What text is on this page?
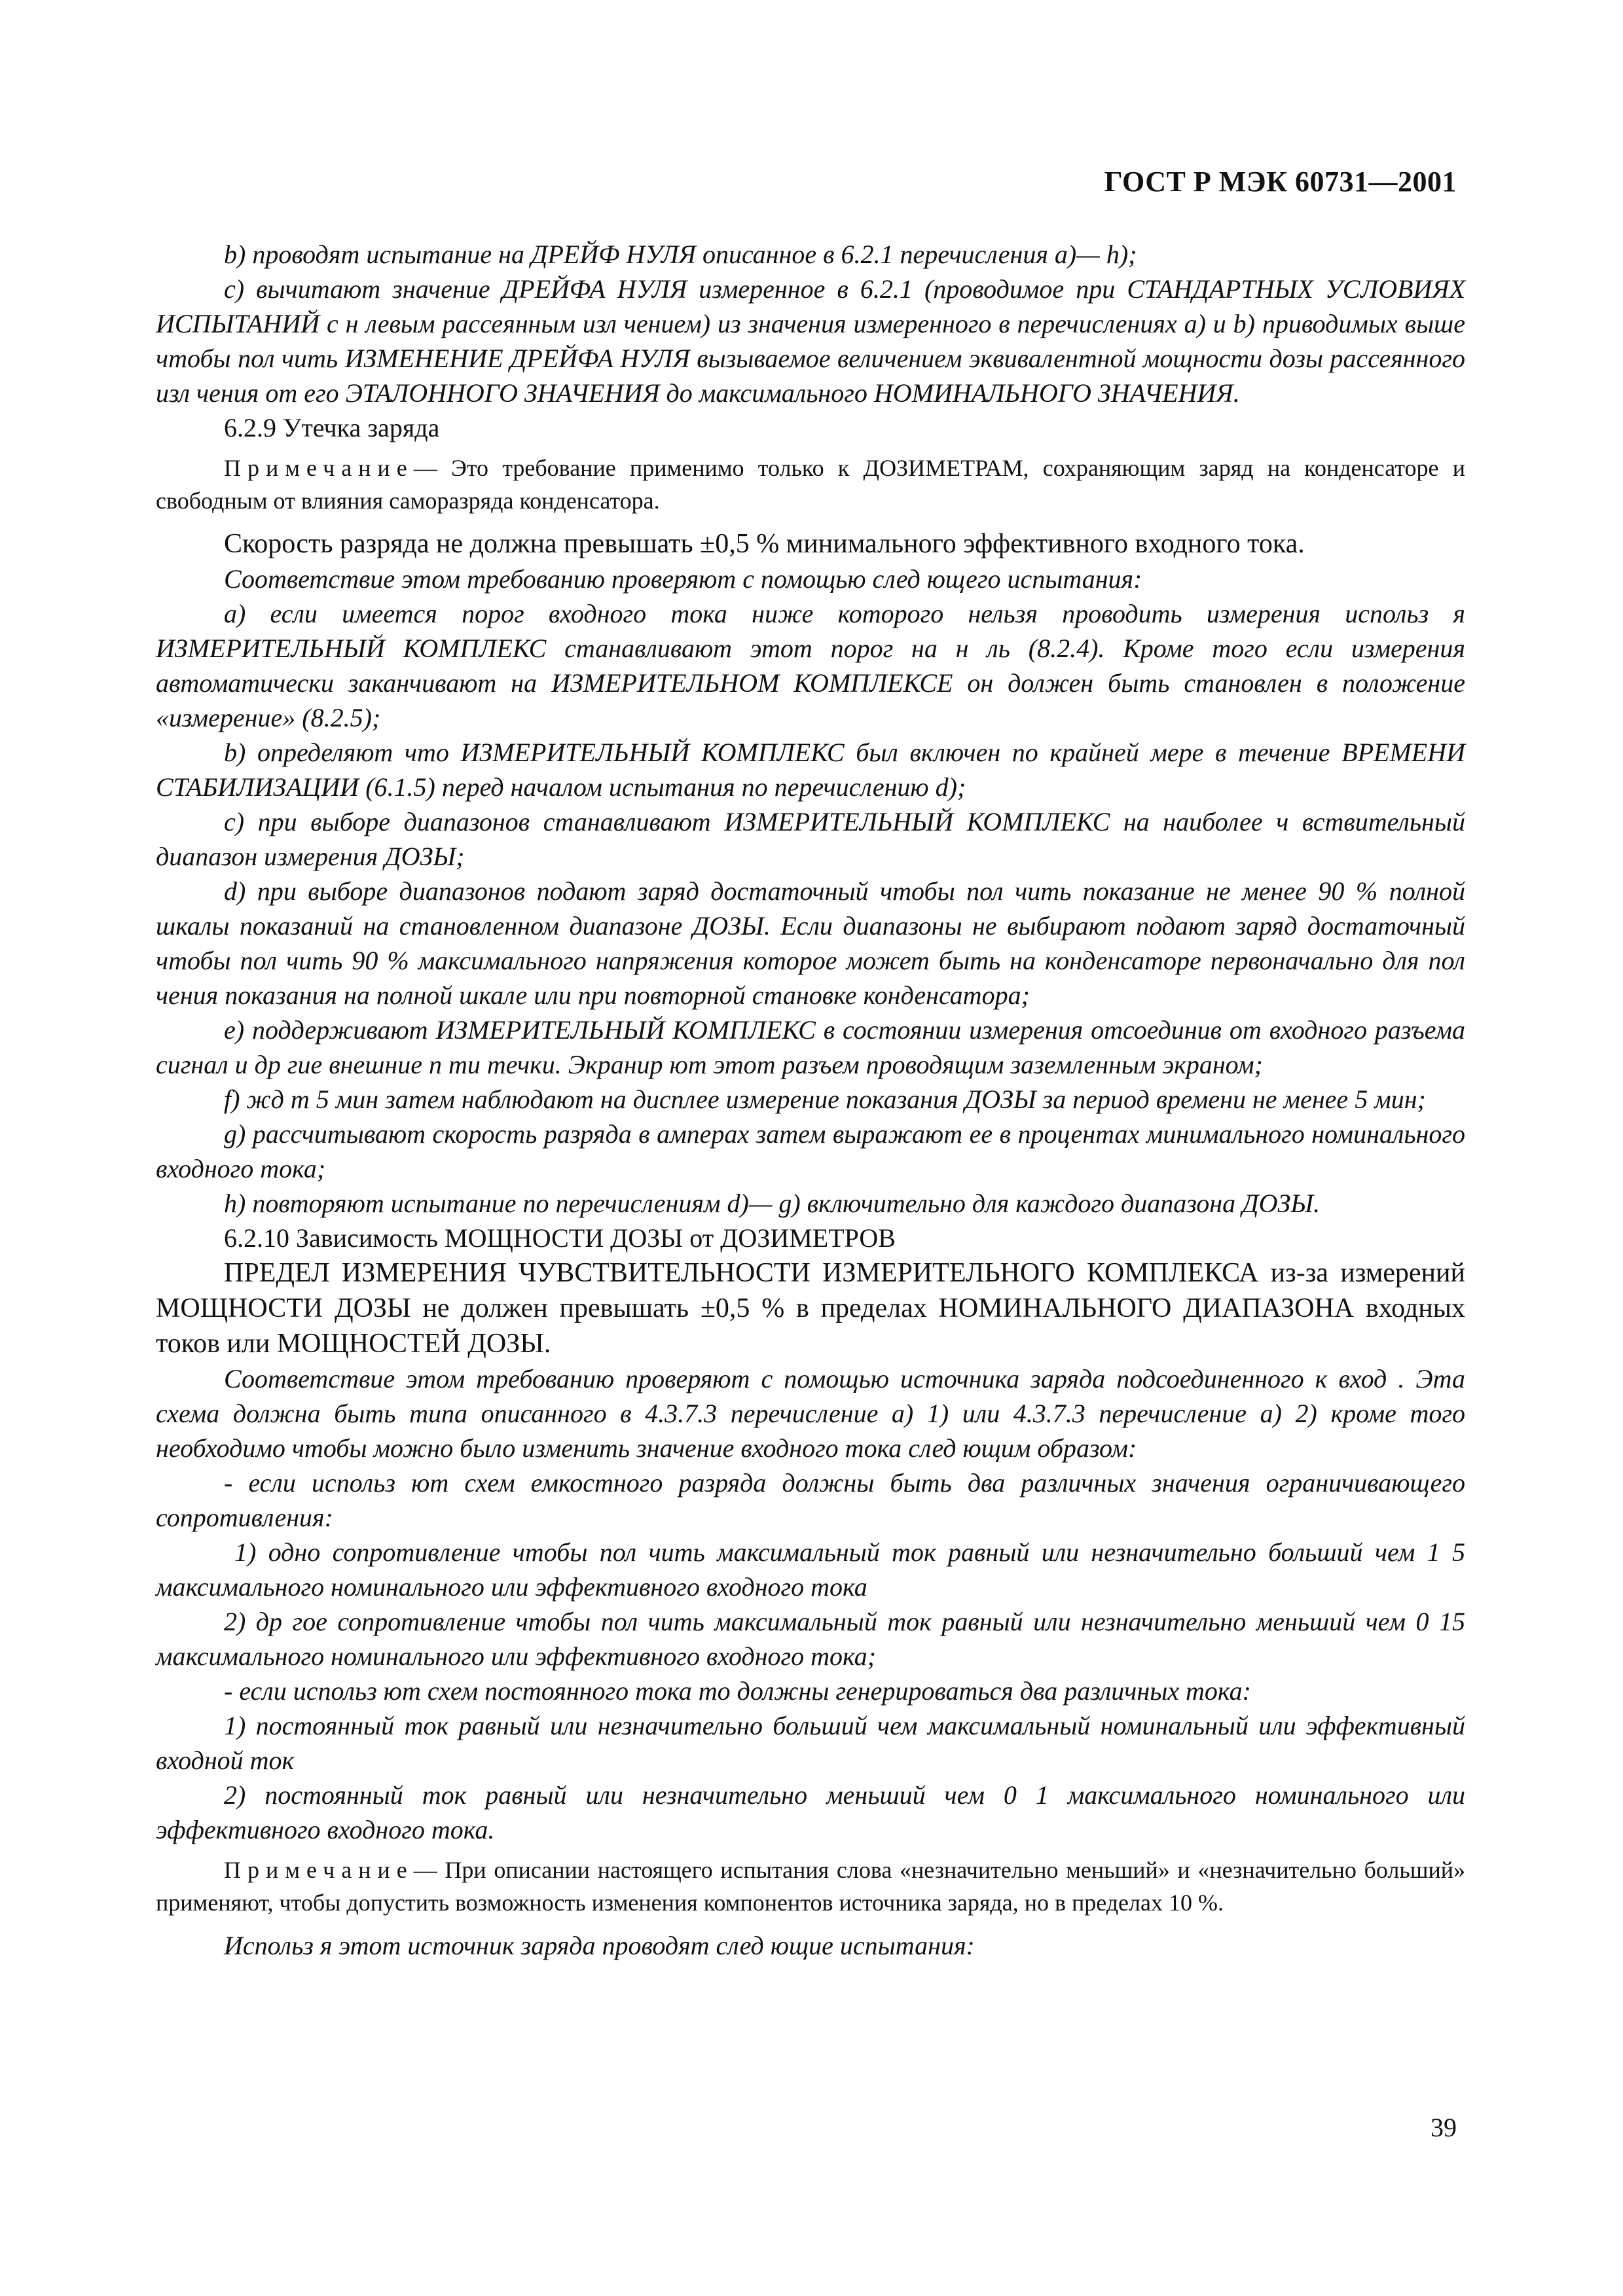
ГОСТ Р МЭК 60731—2001

b) проводят испытание на ДРЕЙФ НУЛЯ описанное в 6.2.1 перечисления а)— h);

c) вычитают значение ДРЕЙФА НУЛЯ измеренное в 6.2.1 (проводимое при СТАНДАРТНЫХ УСЛОВИЯХ ИСПЫТАНИЙ с н левым рассеянным изл чением) из значения измеренного в перечислениях а) и b) приводимых выше чтобы пол чить ИЗМЕНЕНИЕ ДРЕЙФА НУЛЯ вызываемое величением эквивалентной мощности дозы рассеянного изл чения от его ЭТАЛОННОГО ЗНАЧЕНИЯ до максимального НОМИНАЛЬНОГО ЗНАЧЕНИЯ.

6.2.9 Утечка заряда

Примечание— Это требование применимо только к ДОЗИМЕТРАМ, сохраняющим заряд на конденсаторе и свободным от влияния саморазряда конденсатора.

Скорость разряда не должна превышать ±0,5 % минимального эффективного входного тока.

Соответствие этом требованию проверяют с помощью след ющего испытания:

а) если имеется порог входного тока ниже которого нельзя проводить измерения использ я ИЗМЕРИТЕЛЬНЫЙ КОМПЛЕКС станавливают этот порог на н ль (8.2.4). Кроме того если измерения автоматически заканчивают на ИЗМЕРИТЕЛЬНОМ КОМПЛЕКСЕ он должен быть становлен в положение «измерение» (8.2.5);

b) определяют что ИЗМЕРИТЕЛЬНЫЙ КОМПЛЕКС был включен по крайней мере в течение ВРЕМЕНИ СТАБИЛИЗАЦИИ (6.1.5) перед началом испытания по перечислению d);

c) при выборе диапазонов станавливают ИЗМЕРИТЕЛЬНЫЙ КОМПЛЕКС на наиболее ч вствительный диапазон измерения ДОЗЫ;

d) при выборе диапазонов подают заряд достаточный чтобы пол чить показание не менее 90 % полной шкалы показаний на становленном диапазоне ДОЗЫ. Если диапазоны не выбирают подают заряд достаточный чтобы пол чить 90 % максимального напряжения которое может быть на конденсаторе первоначально для пол чения показания на полной шкале или при повторной становке конденсатора;

e) поддерживают ИЗМЕРИТЕЛЬНЫЙ КОМПЛЕКС в состоянии измерения отсоединив от входного разъема сигнал и др гие внешние п ти течки. Экранир ют этот разъем проводящим заземленным экраном;

f) жд т 5 мин затем наблюдают на дисплее измерение показания ДОЗЫ за период времени не менее 5 мин;

g) рассчитывают скорость разряда в амперах затем выражают ее в процентах минимального номинального входного тока;

h) повторяют испытание по перечислениям d)— g) включительно для каждого диапазона ДОЗЫ.

6.2.10 Зависимость МОЩНОСТИ ДОЗЫ от ДОЗИМЕТРОВ

ПРЕДЕЛ ИЗМЕРЕНИЯ ЧУВСТВИТЕЛЬНОСТИ ИЗМЕРИТЕЛЬНОГО КОМПЛЕКСА из-за измерений МОЩНОСТИ ДОЗЫ не должен превышать ±0,5 % в пределах НОМИНАЛЬНОГО ДИАПАЗОНА входных токов или МОЩНОСТЕЙ ДОЗЫ.

Соответствие этом требованию проверяют с помощью источника заряда подсоединенного к вход . Эта схема должна быть типа описанного в 4.3.7.3 перечисление а) 1) или 4.3.7.3 перечисление а) 2) кроме того необходимо чтобы можно было изменить значение входного тока след ющим образом:

- если использ ют схем емкостного разряда должны быть два различных значения ограничивающего сопротивления:

1) одно сопротивление чтобы пол чить максимальный ток равный или незначительно больший чем 1 5 максимального номинального или эффективного входного тока

2) др гое сопротивление чтобы пол чить максимальный ток равный или незначительно меньший чем 0 15 максимального номинального или эффективного входного тока;

- если использ ют схем постоянного тока то должны генерироваться два различных тока:

1) постоянный ток равный или незначительно больший чем максимальный номинальный или эффективный входной ток

2) постоянный ток равный или незначительно меньший чем 0 1 максимального номинального или эффективного входного тока.

Примечание— При описании настоящего испытания слова «незначительно меньший» и «незначительно больший» применяют, чтобы допустить возможность изменения компонентов источника заряда, но в пределах 10 %.

Использ я этот источник заряда проводят след ющие испытания:

39
